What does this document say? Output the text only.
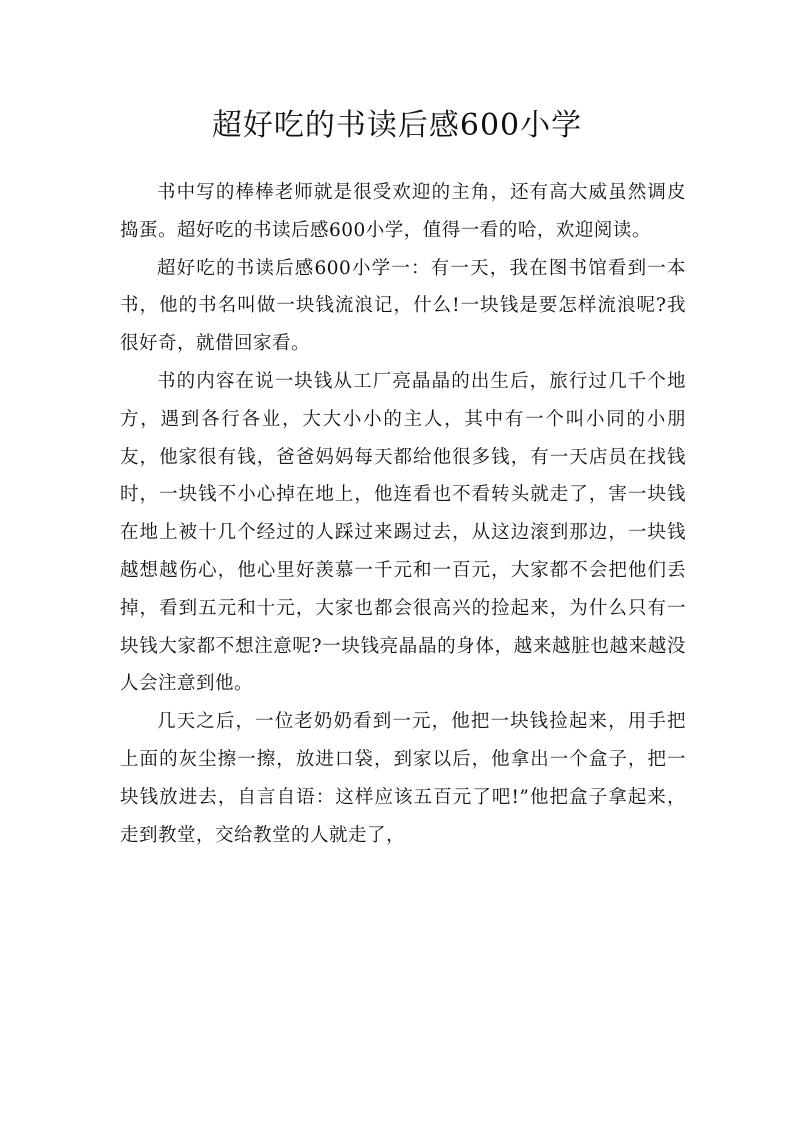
超好吃的书读后感600小学

书中写的棒棒老师就是很受欢迎的主角，还有高大威虽然调皮捣蛋。超好吃的书读后感600小学，值得一看的哈，欢迎阅读。

超好吃的书读后感600小学一：有一天，我在图书馆看到一本书，他的书名叫做一块钱流浪记，什么!一块钱是要怎样流浪呢?我很好奇，就借回家看。

书的内容在说一块钱从工厂亮晶晶的出生后，旅行过几千个地方，遇到各行各业，大大小小的主人，其中有一个叫小同的小朋友，他家很有钱，爸爸妈妈每天都给他很多钱，有一天店员在找钱时，一块钱不小心掉在地上，他连看也不看转头就走了，害一块钱在地上被十几个经过的人踩过来踢过去，从这边滚到那边，一块钱越想越伤心，他心里好羡慕一千元和一百元，大家都不会把他们丢掉，看到五元和十元，大家也都会很高兴的捡起来，为什么只有一块钱大家都不想注意呢?一块钱亮晶晶的身体，越来越脏也越来越没人会注意到他。

几天之后，一位老奶奶看到一元，他把一块钱捡起来，用手把上面的灰尘擦一擦，放进口袋，到家以后，他拿出一个盒子，把一块钱放进去，自言自语：这样应该五百元了吧!”他把盒子拿起来，走到教堂，交给教堂的人就走了，
